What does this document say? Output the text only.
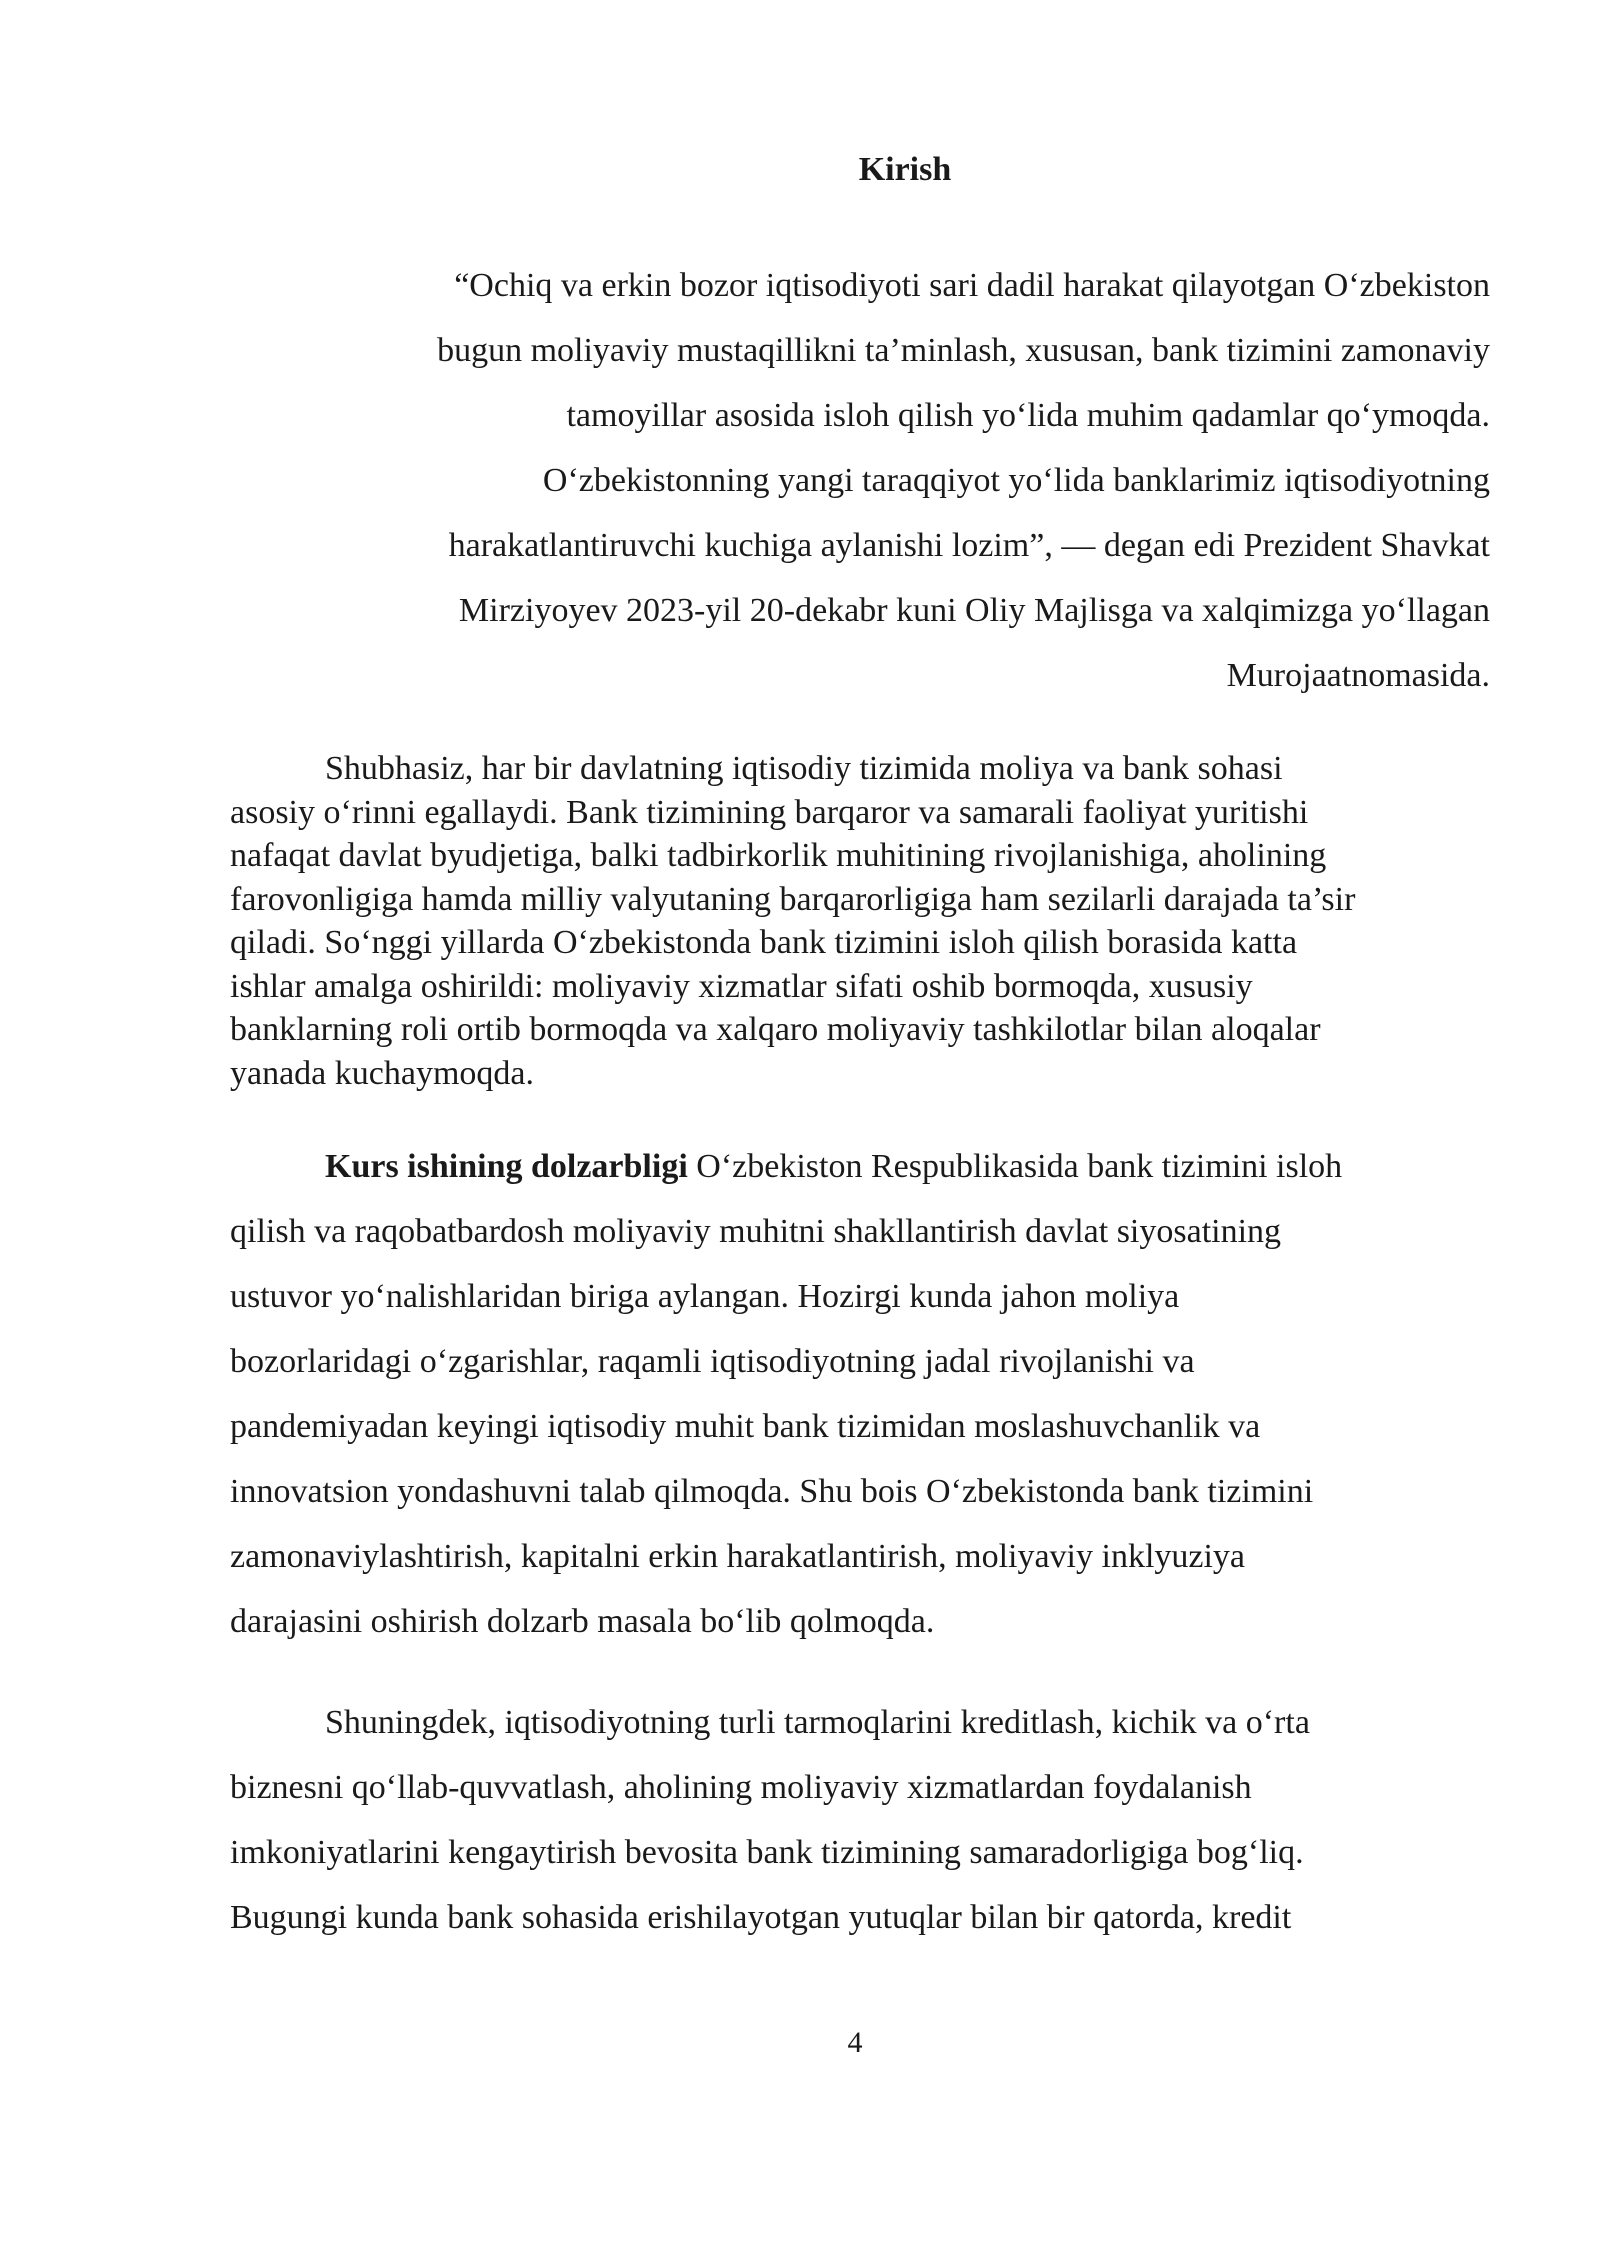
Kirish
“Ochiq va erkin bozor iqtisodiyoti sari dadil harakat qilayotgan O‘zbekiston
bugun moliyaviy mustaqillikni ta’minlash, xususan, bank tizimini zamonaviy
tamoyillar asosida isloh qilish yo‘lida muhim qadamlar qo‘ymoqda.
O‘zbekistonning yangi taraqqiyot yo‘lida banklarimiz iqtisodiyotning
harakatlantiruvchi kuchiga aylanishi lozim”, — degan edi Prezident Shavkat
Mirziyoyev 2023-yil 20-dekabr kuni Oliy Majlisga va xalqimizga yo‘llagan
Murojaatnomasida.
Shubhasiz, har bir davlatning iqtisodiy tizimida moliya va bank sohasi
asosiy o‘rinni egallaydi. Bank tizimining barqaror va samarali faoliyat yuritishi
nafaqat davlat byudjetiga, balki tadbirkorlik muhitining rivojlanishiga, aholining
farovonligiga hamda milliy valyutaning barqarorligiga ham sezilarli darajada ta’sir
qiladi. So‘nggi yillarda O‘zbekistonda bank tizimini isloh qilish borasida katta
ishlar amalga oshirildi: moliyaviy xizmatlar sifati oshib bormoqda, xususiy
banklarning roli ortib bormoqda va xalqaro moliyaviy tashkilotlar bilan aloqalar
yanada kuchaymoqda.
Kurs ishining dolzarbligi O‘zbekiston Respublikasida bank tizimini isloh
qilish va raqobatbardosh moliyaviy muhitni shakllantirish davlat siyosatining
ustuvor yo‘nalishlaridan biriga aylangan. Hozirgi kunda jahon moliya
bozorlaridagi o‘zgarishlar, raqamli iqtisodiyotning jadal rivojlanishi va
pandemiyadan keyingi iqtisodiy muhit bank tizimidan moslashuvchanlik va
innovatsion yondashuvni talab qilmoqda. Shu bois O‘zbekistonda bank tizimini
zamonaviylashtirish, kapitalni erkin harakatlantirish, moliyaviy inklyuziya
darajasini oshirish dolzarb masala bo‘lib qolmoqda.
Shuningdek, iqtisodiyotning turli tarmoqlarini kreditlash, kichik va o‘rta
biznesni qo‘llab-quvvatlash, aholining moliyaviy xizmatlardan foydalanish
imkoniyatlarini kengaytirish bevosita bank tizimining samaradorligiga bog‘liq.
Bugungi kunda bank sohasida erishilayotgan yutuqlar bilan bir qatorda, kredit
4
